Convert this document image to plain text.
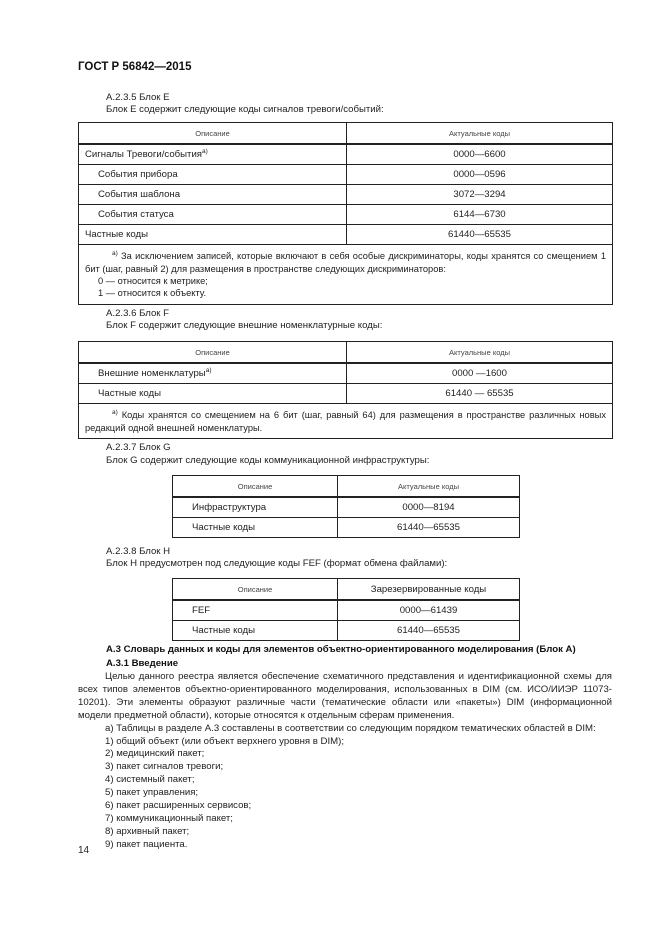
ГОСТ Р 56842—2015
А.2.3.5 Блок Е
Блок Е содержит следующие коды сигналов тревоги/событий:
Описание	Актуальные коды
Сигналы Тревоги/события$^{а)}$	0000—6600
События прибора	0000—0596
События шаблона	3072—3294
События статуса	6144—6730
Частные коды	61440—65535

$^{а)}$ За исключением записей, которые включают в себя особые дискриминаторы, коды хранятся со смещением 1 бит (шаг, равный 2) для размещения в пространстве следующих дискриминаторов:
0 — относится к метрике;
1 — относится к объекту.	
А.2.3.6 Блок F
Блок F содержит следующие внешние номенклатурные коды:
Описание	Актуальные коды
Внешние номенклатуры$^{а)}$	0000 —1600
Частные коды	61440 — 65535

$^{а)}$ Коды хранятся со смещением на 6 бит (шаг, равный 64) для размещения в пространстве различных новых редакций одной внешней номенклатуры.	
А.2.3.7 Блок G
Блок G содержит следующие коды коммуникационной инфраструктуры:
Описание	Актуальные коды
Инфраструктура	0000—8194
Частные коды	61440—65535
А.2.3.8 Блок Н
Блок Н предусмотрен под следующие коды FEF (формат обмена файлами):
Описание	Зарезервированные коды
FEF	0000—61439
Частные коды	61440—65535
А.3 Словарь данных и коды для элементов объектно-ориентированного моделирования (Блок А)
А.3.1 Введение
Целью данного реестра является обеспечение схематичного представления и идентификационной схемы для всех типов элементов объектно-ориентированного моделирования, использованных в DIM (см. ИСО/ИИЭР 11073-10201). Эти элементы образуют различные части (тематические области или «пакеты») DIM (информационной модели предметной области), которые относятся к отдельным сферам применения.
а) Таблицы в разделе А.3 составлены в соответствии со следующим порядком тематических областей в DIM:
1) общий объект (или объект верхнего уровня в DIM);
2) медицинский пакет;
3) пакет сигналов тревоги;
4) системный пакет;
5) пакет управления;
6) пакет расширенных сервисов;
7) коммуникационный пакет;
8) архивный пакет;
9) пакет пациента.
14
